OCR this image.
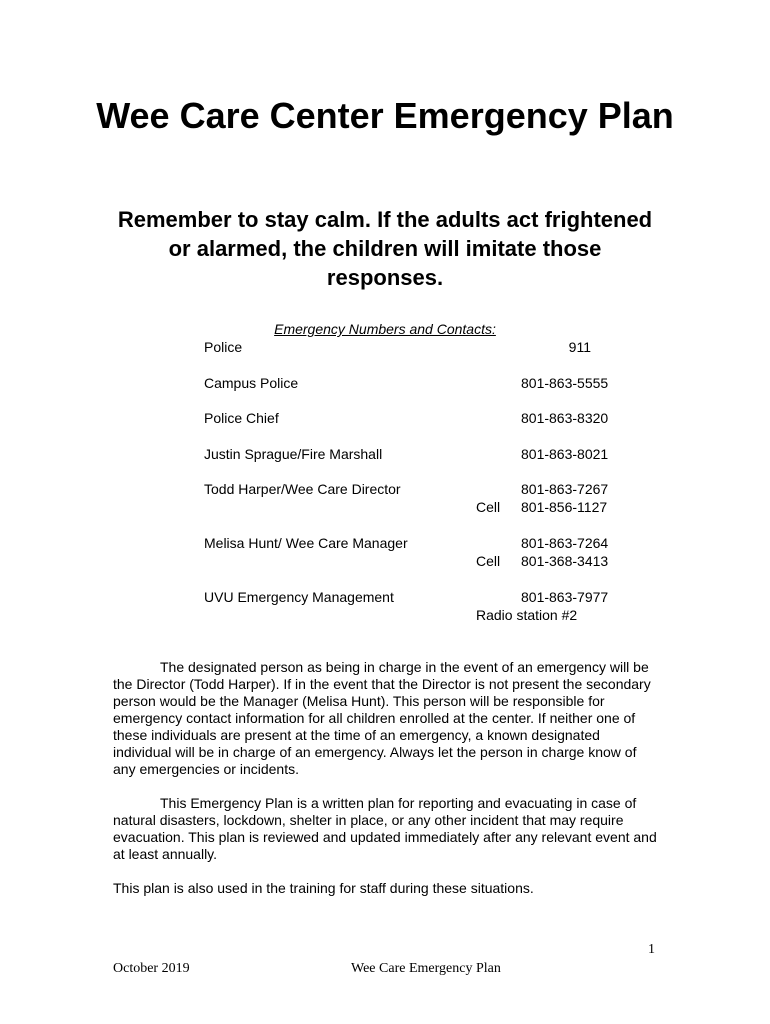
Wee Care Center Emergency Plan
Remember to stay calm. If the adults act frightened or alarmed, the children will imitate those responses.
Emergency Numbers and Contacts:
Police	911
Campus Police	801-863-5555
Police Chief	801-863-8320
Justin Sprague/Fire Marshall	801-863-8021
Todd Harper/Wee Care Director	801-863-7267
Cell 801-856-1127
Melisa Hunt/ Wee Care Manager	801-863-7264
Cell 801-368-3413
UVU Emergency Management	801-863-7977
Radio station #2

The designated person as being in charge in the event of an emergency will be the Director (Todd Harper). If in the event that the Director is not present the secondary person would be the Manager (Melisa Hunt). This person will be responsible for emergency contact information for all children enrolled at the center. If neither one of these individuals are present at the time of an emergency, a known designated individual will be in charge of an emergency. Always let the person in charge know of any emergencies or incidents.

This Emergency Plan is a written plan for reporting and evacuating in case of natural disasters, lockdown, shelter in place, or any other incident that may require evacuation. This plan is reviewed and updated immediately after any relevant event and at least annually.

This plan is also used in the training for staff during these situations.

1
October 2019	Wee Care Emergency Plan
